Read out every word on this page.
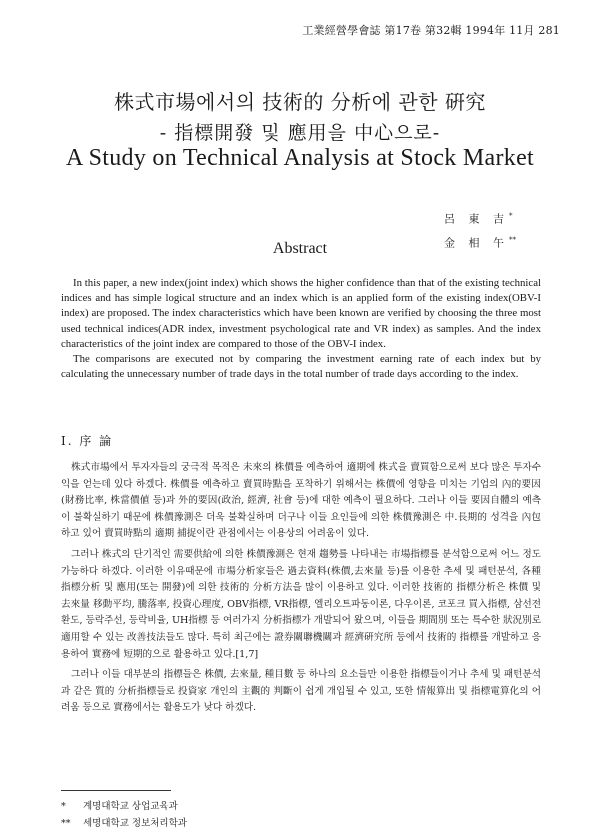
工業經營學會誌 第17卷 第32輯 1994年 11月 281
株式市場에서의 技術的 分析에 관한 硏究
- 指標開發 및 應用을 中心으로-
A Study on Technical Analysis at Stock Market
呂 東 吉*
金 相 午**
Abstract

In this paper, a new index(joint index) which shows the higher confidence than that of the existing technical indices and has simple logical structure and an index which is an applied form of the existing index(OBV-I index) are proposed. The index characteristics which have been known are verified by choosing the three most used technical indices(ADR index, investment psychological rate and VR index) as samples. And the index characteristics of the joint index are compared to those of the OBV-I index.

The comparisons are executed not by comparing the investment earning rate of each index but by calculating the unnecessary number of trade days in the total number of trade days according to the index.

I. 序 論

株式市場에서 투자자들의 궁극적 목적은 未來의 株價를 예측하여 適期에 株式을 賣買함으로써 보다 많은 투자수익을 얻는데 있다 하겠다. 株價를 예측하고 賣買時點을 포착하기 위해서는 株價에 영향을 미치는 기업의 內的要因(財務比率, 株當價値 등)과 外的要因(政治, 經濟, 社會 등)에 대한 예측이 필요하다. 그러나 이들 要因自體의 예측이 불확실하기 때문에 株價豫測은 더욱 불확실하며 더구나 이들 요인들에 의한 株價豫測은 中.長期的 성격을 內包하고 있어 賣買時點의 適期 捕捉이란 관점에서는 이용상의 어려움이 있다.

그러나 株式의 단기적인 需要供給에 의한 株價豫測은 현재 趨勢를 나타내는 市場指標를 분석함으로써 어느 정도 가능하다 하겠다. 이러한 이유때문에 市場分析家들은 過去資料(株價,去來量 등)를 이용한 추세 및 패턴분석, 各種 指標分析 및 應用(또는 開發)에 의한 技術的 分析方法을 많이 이용하고 있다. 이러한 技術的 指標分析은 株價 및 去來量 移動平均, 騰落率, 投資心理度, OBV指標, VR指標, 엘리오트파동이론, 다우이론, 코포크 買入指標, 삼선전환도, 등락주선, 등락비율, UH指標 등 여러가지 分析指標가 개발되어 왔으며, 이들을 期間別 또는 특수한 狀況別로 適用할 수 있는 改善技法들도 많다. 특히 최근에는 證券關聯機關과 經濟硏究所 등에서 技術的 指標를 개발하고 응용하여 實務에 短期的으로 활용하고 있다.[1,7]

그러나 이들 대부분의 指標들은 株價, 去來量, 種目數 등 하나의 요소들만 이용한 指標들이거나 추세 및 패턴분석과 같은 質的 分析指標들로 投資家 개인의 主觀的 判斷이 쉽게 개입될 수 있고, 또한 情報算出 및 指標電算化의 어려움 등으로 實務에서는 활용도가 낮다 하겠다.

* 계명대학교 상업교육과
** 세명대학교 정보처리학과
